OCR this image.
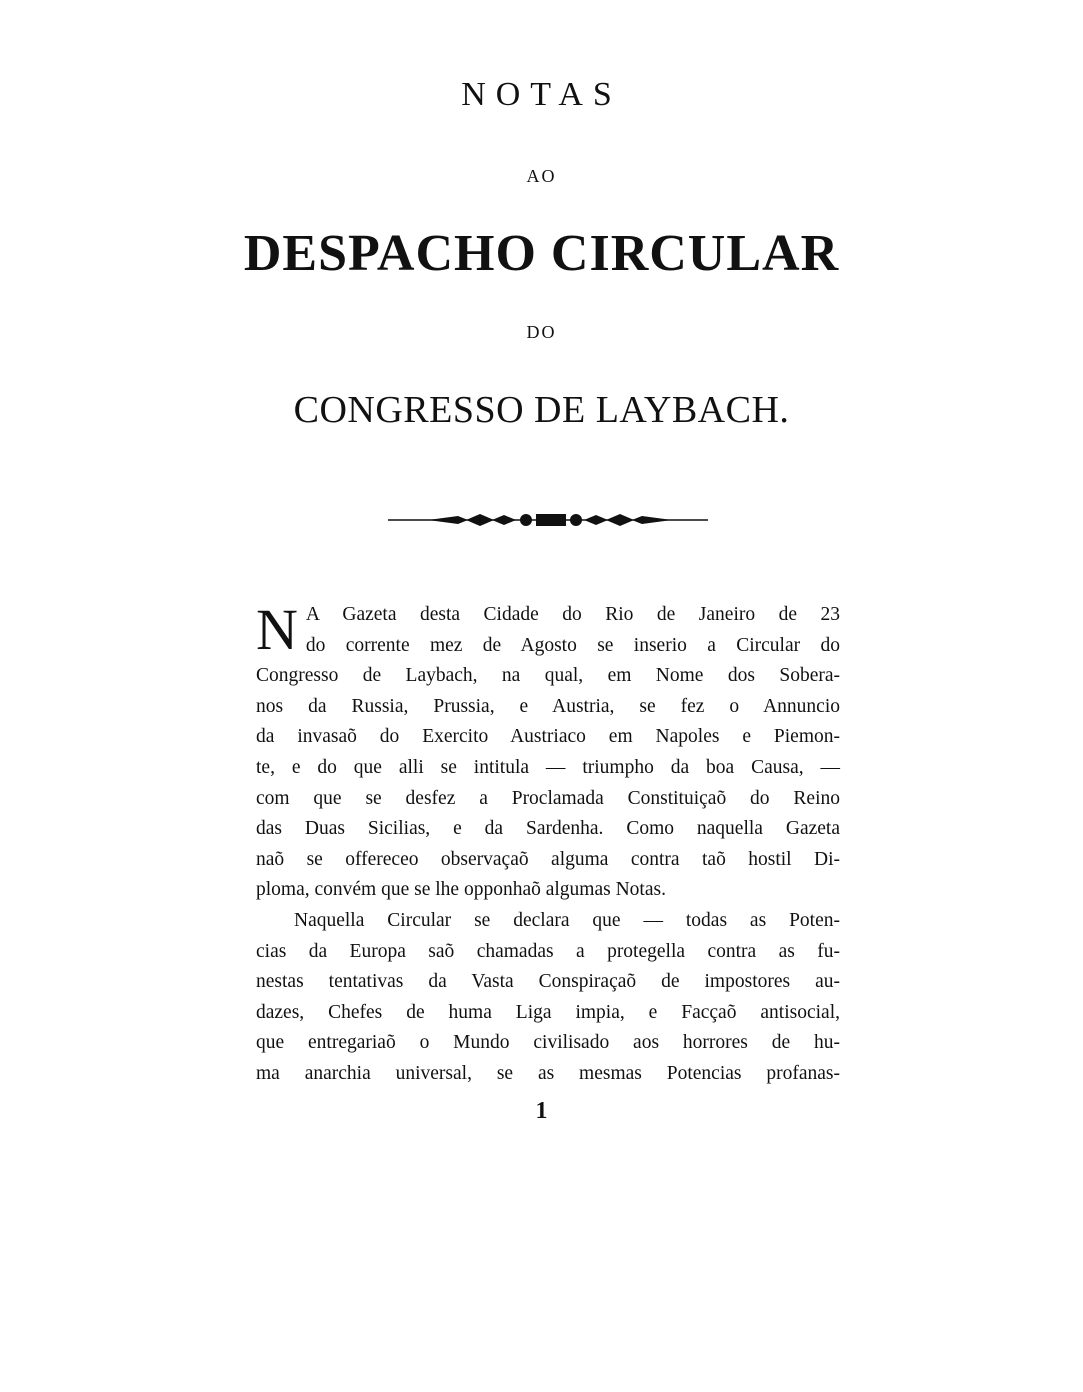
NOTAS
AO
DESPACHO CIRCULAR
DO
CONGRESSO DE LAYBACH.
N A Gazeta desta Cidade do Rio de Janeiro de 23
do corrente mez de Agosto se inserio a Circular do
Congresso de Laybach, na qual, em Nome dos Sobera-
nos da Russia, Prussia, e Austria, se fez o Annuncio
da invasaõ do Exercito Austriaco em Napoles e Piemon-
te, e do que alli se intitula — triumpho da boa Causa, —
com que se desfez a Proclamada Constituiçaõ do Reino
das Duas Sicilias, e da Sardenha. Como naquella Gazeta
naõ se offereceo observaçaõ alguma contra taõ hostil Di-
ploma, convém que se lhe opponhaõ algumas Notas.
Naquella Circular se declara que — todas as Poten-
cias da Europa saõ chamadas a protegella contra as fu-
nestas tentativas da Vasta Conspiraçaõ de impostores au-
dazes, Chefes de huma Liga impia, e Facçaõ antisocial,
que entregariaõ o Mundo civilisado aos horrores de hu-
ma anarchia universal, se as mesmas Potencias profanas-
1
